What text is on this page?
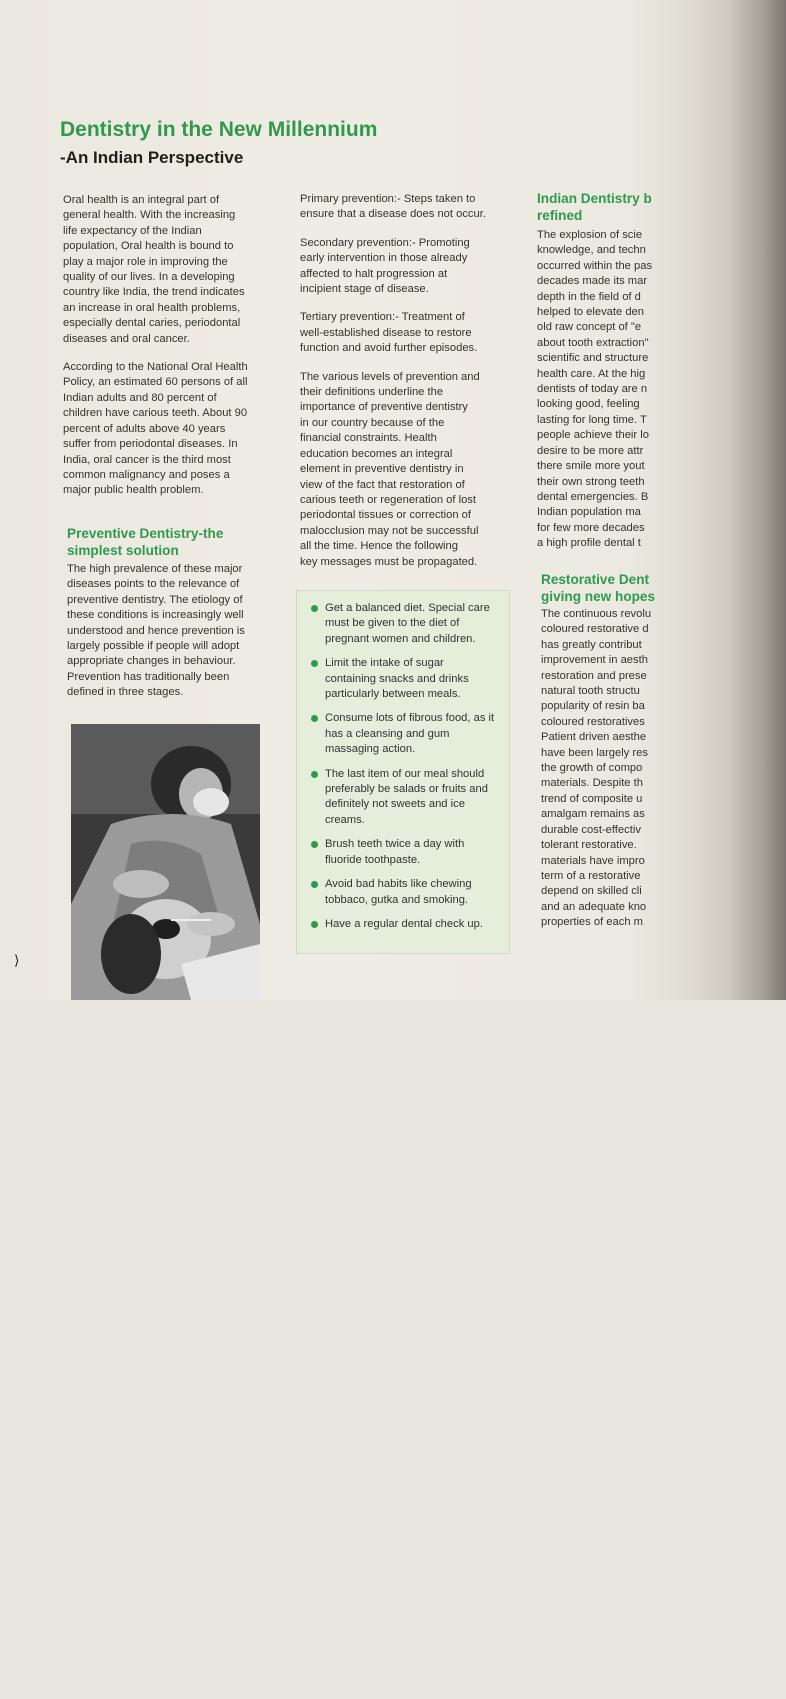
Dentistry in the New Millennium
-An Indian Perspective

Oral health is an integral part of
general health. With the increasing
life expectancy of the Indian
population, Oral health is bound to
play a major role in improving the
quality of our lives. In a developing
country like India, the trend indicates
an increase in oral health problems,
especially dental caries, periodontal
diseases and oral cancer.

According to the National Oral Health
Policy, an estimated 60 persons of all
Indian adults and 80 percent of
children have carious teeth. About 90
percent of adults above 40 years
suffer from periodontal diseases. In
India, oral cancer is the third most
common malignancy and poses a
major public health problem.

Preventive Dentistry-the
simplest solution

The high prevalence of these major
diseases points to the relevance of
preventive dentistry. The etiology of
these conditions is increasingly well
understood and hence prevention is
largely possible if people will adopt
appropriate changes in behaviour.
Prevention has traditionally been
defined in three stages.

Primary prevention:- Steps taken to
ensure that a disease does not occur.

Secondary prevention:- Promoting
early intervention in those already
affected to halt progression at
incipient stage of disease.

Tertiary prevention:- Treatment of
well-established disease to restore
function and avoid further episodes.

The various levels of prevention and
their definitions underline the
importance of preventive dentistry
in our country because of the
financial constraints. Health
education becomes an integral
element in preventive dentistry in
view of the fact that restoration of
carious teeth or regeneration of lost
periodontal tissues or correction of
malocclusion may not be successful
all the time. Hence the following
key messages must be propagated.

Get a balanced diet. Special care
must be given to the diet of
pregnant women and children.
Limit the intake of sugar
containing snacks and drinks
particularly between meals.
Consume lots of fibrous food, as it
has a cleansing and gum
massaging action.
The last item of our meal should
preferably be salads or fruits and
definitely not sweets and ice
creams.
Brush teeth twice a day with
fluoride toothpaste.
Avoid bad habits like chewing
tobbaco, gutka and smoking.
Have a regular dental check up.
Indian Dentistry b
refined

The explosion of scie
knowledge, and techn
occurred within the pas
decades made its mar
depth in the field of d
helped to elevate den
old raw concept of "e
about tooth extraction"
scientific and structure
health care. At the hig
dentists of today are n
looking good, feeling
lasting for long time. T
people achieve their lo
desire to be more attr
there smile more yout
their own strong teeth
dental emergencies. B
Indian population ma
for few more decades
a high profile dental t

Restorative Dent
giving new hopes

The continuous revolu
coloured restorative d
has greatly contribut
improvement in aesth
restoration and prese
natural tooth structu
popularity of resin ba
coloured restoratives
Patient driven aesthe
have been largely res
the growth of compo
materials. Despite th
trend of composite u
amalgam remains as
durable cost-effectiv
tolerant restorative.
materials have impro
term of a restorative
depend on skilled cli
and an adequate kno
properties of each m

72
⟩
